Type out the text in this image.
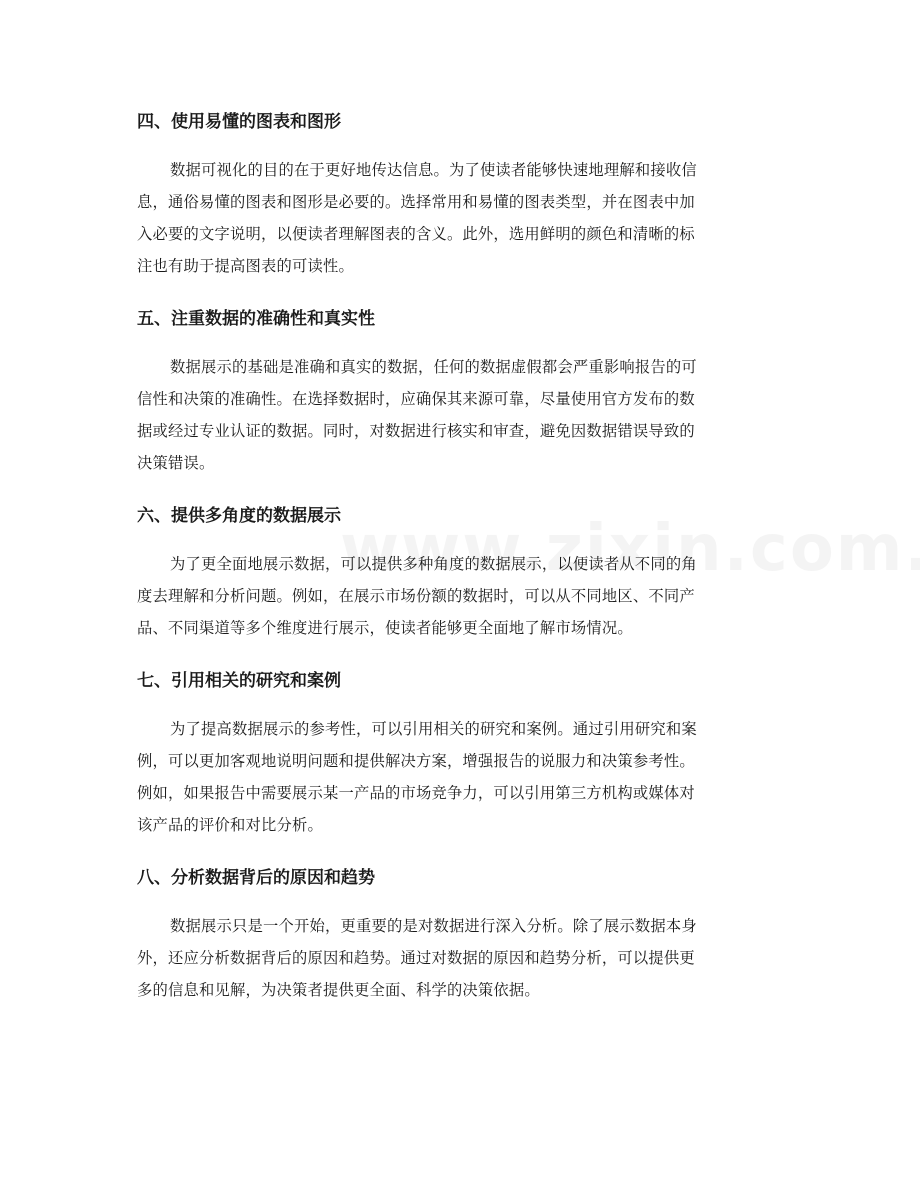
四、使用易懂的图表和图形
数据可视化的目的在于更好地传达信息。为了使读者能够快速地理解和接收信
息，通俗易懂的图表和图形是必要的。选择常用和易懂的图表类型，并在图表中加
入必要的文字说明，以便读者理解图表的含义。此外，选用鲜明的颜色和清晰的标
注也有助于提高图表的可读性。
五、注重数据的准确性和真实性
数据展示的基础是准确和真实的数据，任何的数据虚假都会严重影响报告的可
信性和决策的准确性。在选择数据时，应确保其来源可靠，尽量使用官方发布的数
据或经过专业认证的数据。同时，对数据进行核实和审查，避免因数据错误导致的
决策错误。
六、提供多角度的数据展示
为了更全面地展示数据，可以提供多种角度的数据展示，以便读者从不同的角
度去理解和分析问题。例如，在展示市场份额的数据时，可以从不同地区、不同产
品、不同渠道等多个维度进行展示，使读者能够更全面地了解市场情况。
七、引用相关的研究和案例
为了提高数据展示的参考性，可以引用相关的研究和案例。通过引用研究和案
例，可以更加客观地说明问题和提供解决方案，增强报告的说服力和决策参考性。
例如，如果报告中需要展示某一产品的市场竞争力，可以引用第三方机构或媒体对
该产品的评价和对比分析。
八、分析数据背后的原因和趋势
数据展示只是一个开始，更重要的是对数据进行深入分析。除了展示数据本身
外，还应分析数据背后的原因和趋势。通过对数据的原因和趋势分析，可以提供更
多的信息和见解，为决策者提供更全面、科学的决策依据。
